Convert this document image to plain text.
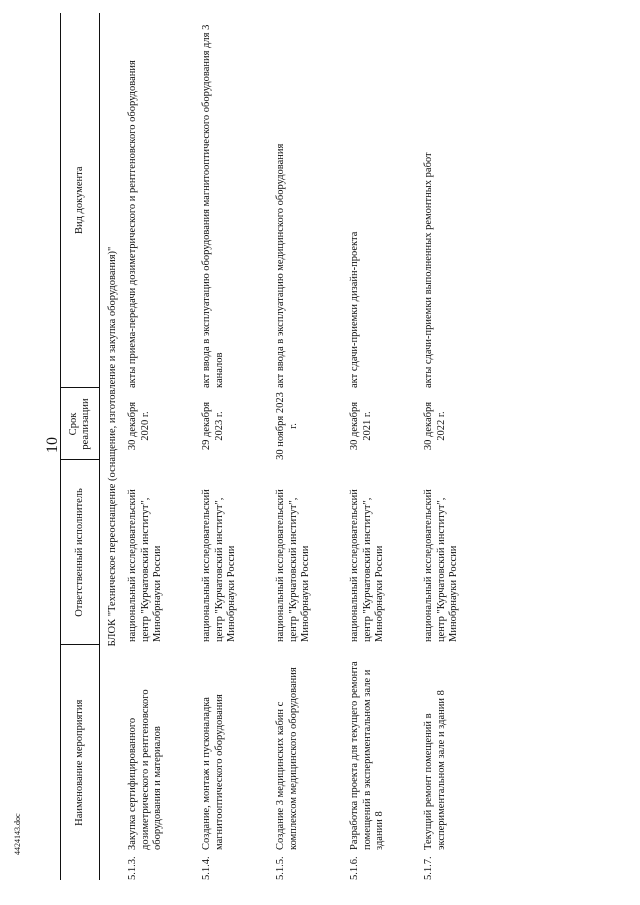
10
Наименование мероприятия	Ответственный исполнитель	Срок реализации	Вид документа
БЛОК "Техническое переоснащение (оснащение, изготовление и закупка оборудования)"			
5.1.3.Закупка сертифицированного дозиметрического и рентгеновского оборудования и материалов	национальный исследовательский центр "Курчатовский институт", Минобрнауки России	30 декабря 2020 г.	акты приема-передачи дозиметрического и рентгеновского оборудования
5.1.4.Создание, монтаж и пусконаладка магнитооптического оборудования	национальный исследовательский центр "Курчатовский институт", Минобрнауки России	29 декабря 2023 г.	акт ввода в эксплуатацию оборудования магнитооптического оборудования для 3 каналов
5.1.5.Создание 3 медицинских кабин с комплексом медицинского оборудования	национальный исследовательский центр "Курчатовский институт", Минобрнауки России	30 ноября 2023 г.	акт ввода в эксплуатацию медицинского оборудования
5.1.6.Разработка проекта для текущего ремонта помещений в экспериментальном зале и здании 8	национальный исследовательский центр "Курчатовский институт", Минобрнауки России	30 декабря 2021 г.	акт сдачи-приемки дизайн-проекта
5.1.7.Текущий ремонт помещений в экспериментальном зале и здании 8	национальный исследовательский центр "Курчатовский институт", Минобрнауки России	30 декабря 2022 г.	акты сдачи-приемки выполненных ремонтных работ
4424143.doc
